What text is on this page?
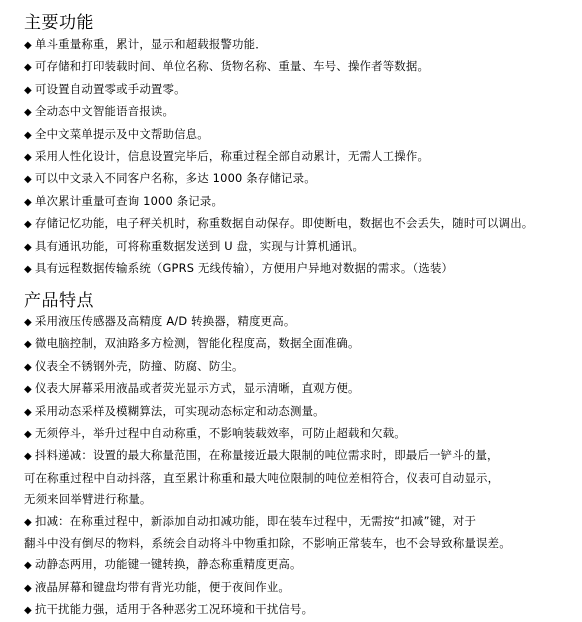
主要功能
◆ 单斗重量称重，累计，显示和超载报警功能．
◆ 可存储和打印装载时间、单位名称、货物名称、重量、车号、操作者等数据。
◆ 可设置自动置零或手动置零。
◆ 全动态中文智能语音报读。
◆ 全中文菜单提示及中文帮助信息。
◆ 采用人性化设计，信息设置完毕后，称重过程全部自动累计，无需人工操作。
◆ 可以中文录入不同客户名称，多达 1000 条存储记录。
◆ 单次累计重量可查询 1000 条记录。
◆ 存储记忆功能，电子秤关机时，称重数据自动保存。即使断电，数据也不会丢失，随时可以调出。
◆ 具有通讯功能，可将称重数据发送到 U 盘，实现与计算机通讯。
◆ 具有远程数据传输系统（GPRS 无线传输），方便用户异地对数据的需求。（选装）
产品特点
◆ 采用液压传感器及高精度 A/D 转换器，精度更高。
◆ 微电脑控制，双油路多方检测，智能化程度高，数据全面准确。
◆ 仪表全不锈钢外壳，防撞、防腐、防尘。
◆ 仪表大屏幕采用液晶或者荧光显示方式，显示清晰，直观方便。
◆ 采用动态采样及模糊算法，可实现动态标定和动态测量。
◆ 无须停斗，举升过程中自动称重，不影响装载效率，可防止超载和欠载。
◆ 抖料递减：设置的最大称量范围，在称量接近最大限制的吨位需求时，即最后一铲斗的量，
可在称重过程中自动抖落，直至累计称重和最大吨位限制的吨位差相符合，仪表可自动显示，
无须来回举臂进行称量。
◆ 扣减：在称重过程中，新添加自动扣减功能，即在装车过程中，无需按“扣减”键，对于
翻斗中没有倒尽的物料，系统会自动将斗中物重扣除，不影响正常装车，也不会导致称量误差。
◆ 动静态两用，功能键一键转换，静态称重精度更高。
◆ 液晶屏幕和键盘均带有背光功能，便于夜间作业。
◆ 抗干扰能力强，适用于各种恶劣工况环境和干扰信号。
